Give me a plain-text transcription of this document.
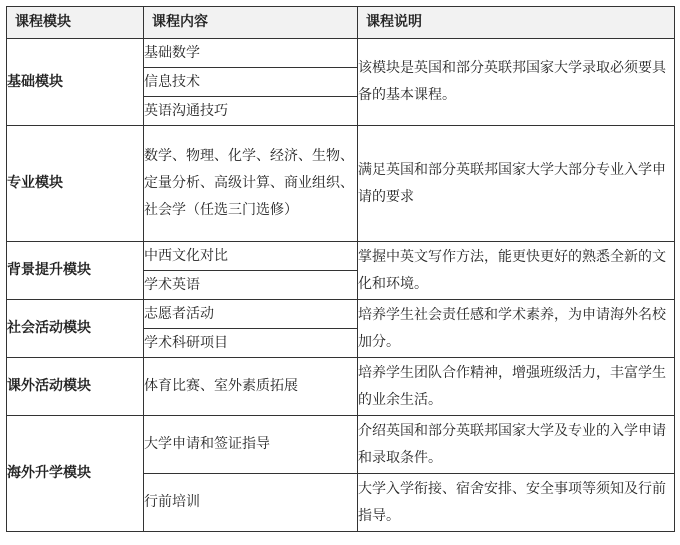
课程模块	课程内容	课程说明
基础模块	基础数学	该模块是英国和部分英联邦国家大学录取必须要具备的基本课程。
	信息技术	
	英语沟通技巧	
专业模块	数学、物理、化学、经济、生物、定量分析、高级计算、商业组织、社会学（任选三门选修）	满足英国和部分英联邦国家大学大部分专业入学申请的要求
背景提升模块	中西文化对比	掌握中英文写作方法，能更快更好的熟悉全新的文化和环境。
	学术英语	
社会活动模块	志愿者活动	培养学生社会责任感和学术素养，为申请海外名校加分。
	学术科研项目	
课外活动模块	体育比赛、室外素质拓展	培养学生团队合作精神，增强班级活力，丰富学生的业余生活。
海外升学模块	大学申请和签证指导	介绍英国和部分英联邦国家大学及专业的入学申请和录取条件。
	行前培训	大学入学衔接、宿舍安排、安全事项等须知及行前指导。
